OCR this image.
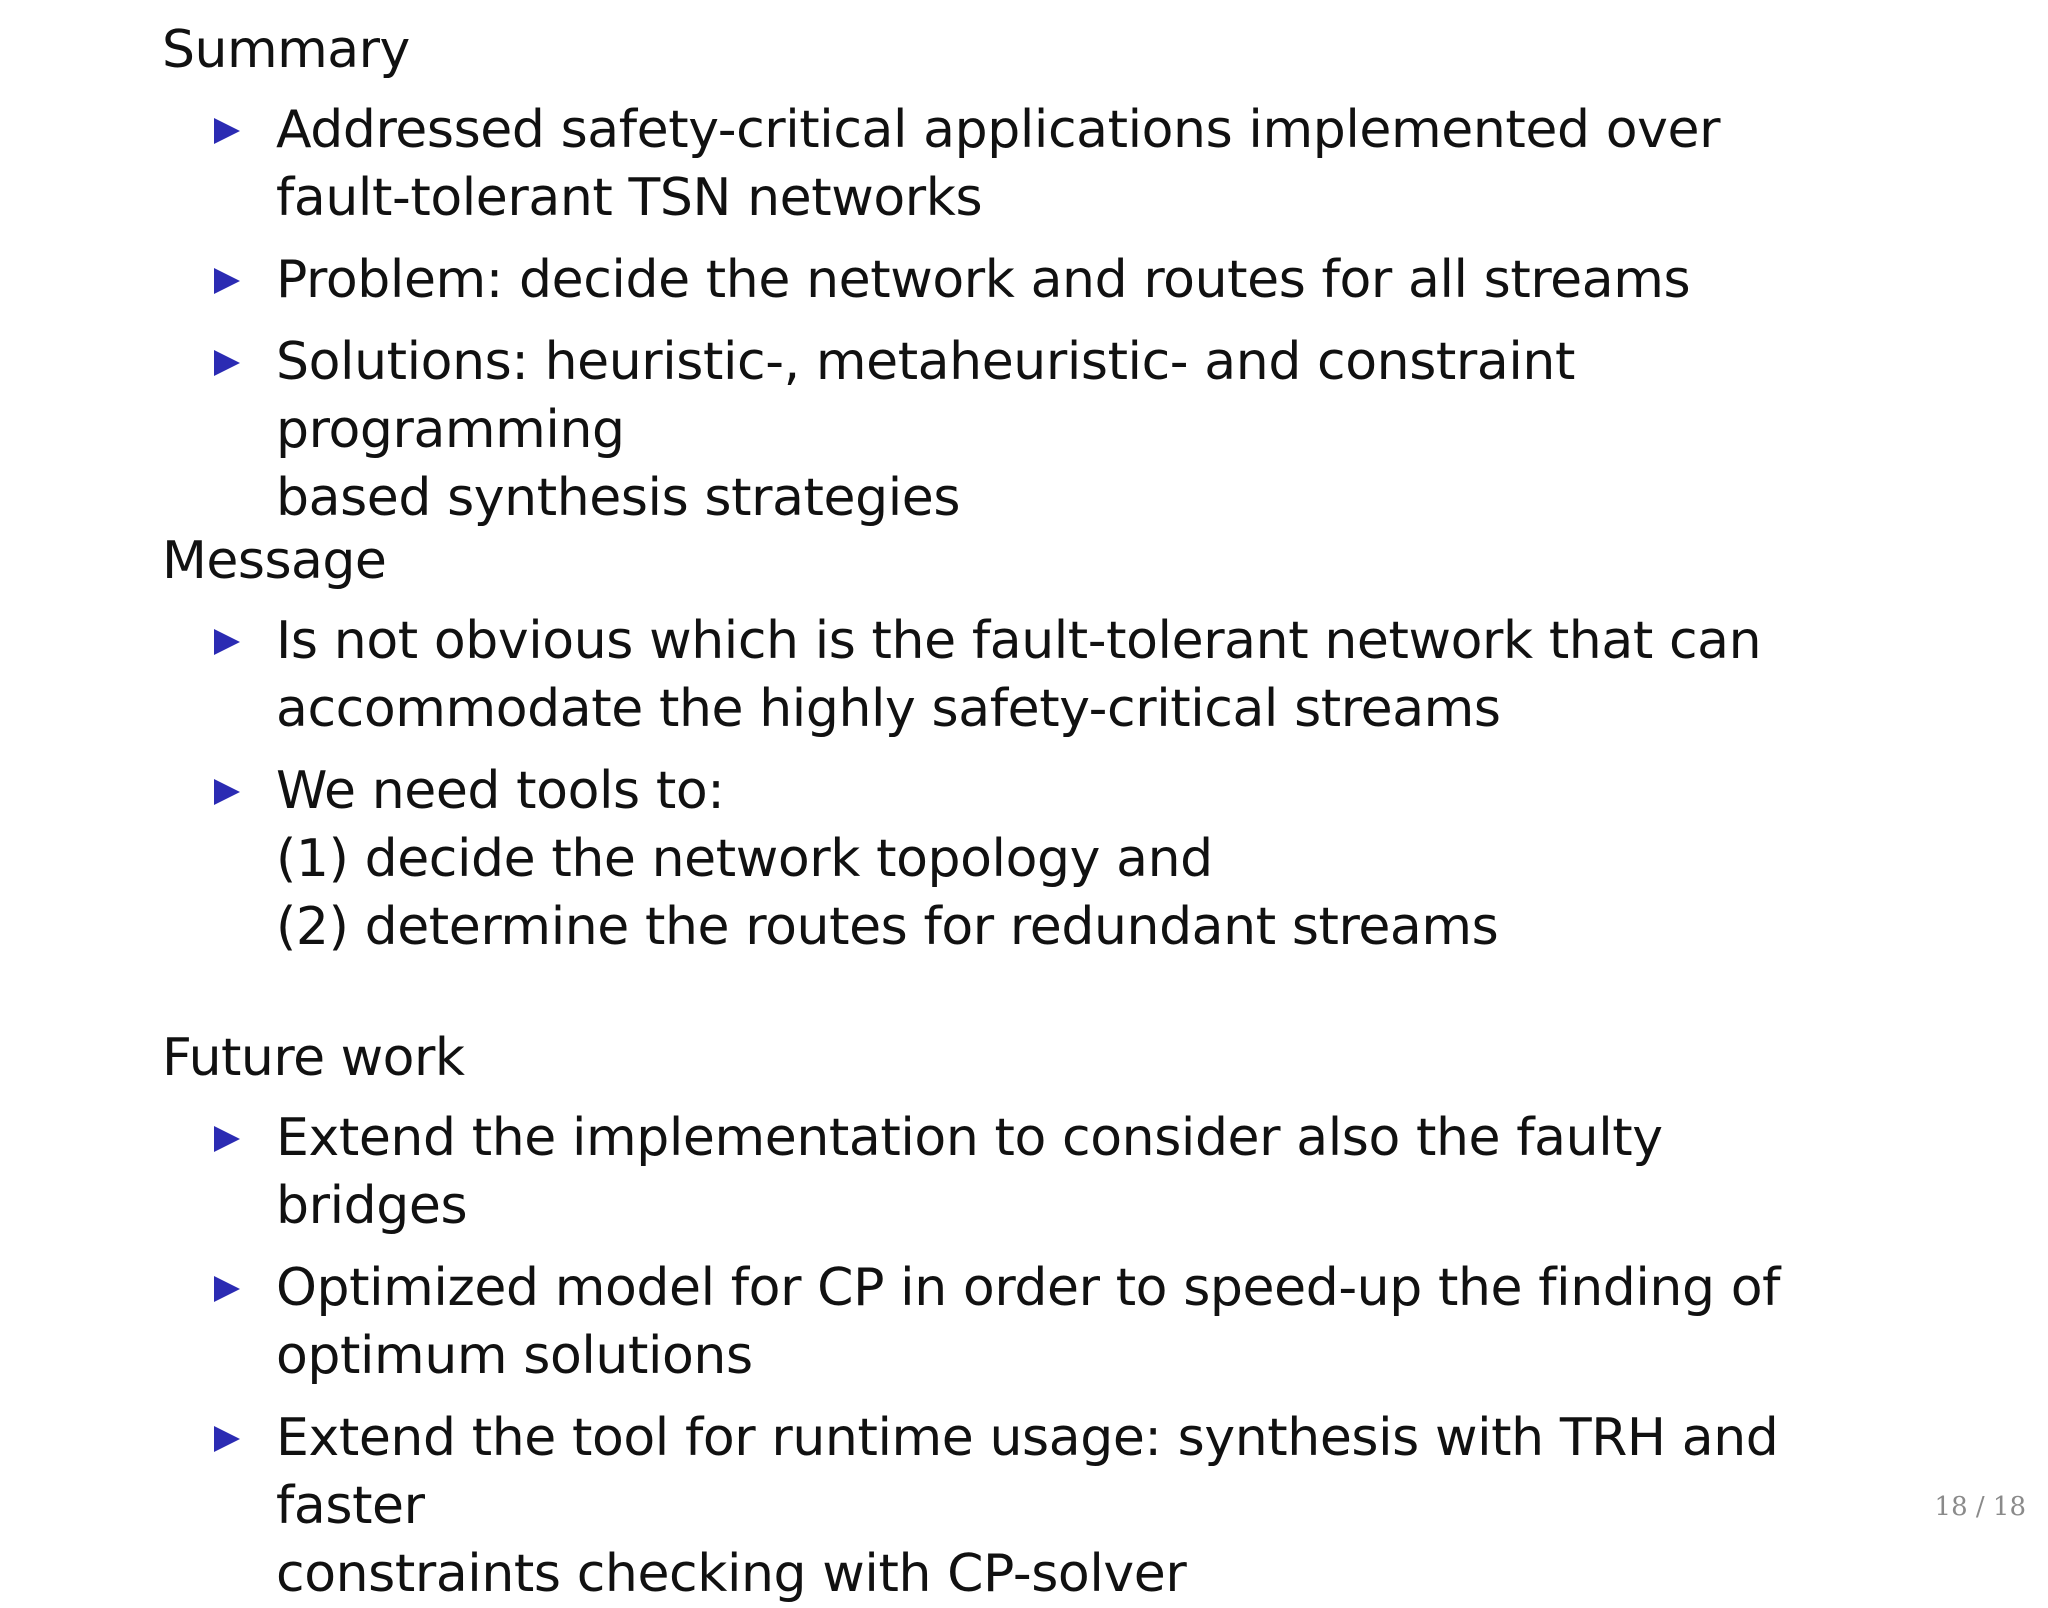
Summary
Addressed safety-critical applications implemented over
fault-tolerant TSN networks
Problem: decide the network and routes for all streams
Solutions: heuristic-, metaheuristic- and constraint programming
based synthesis strategies
Message
Is not obvious which is the fault-tolerant network that can
accommodate the highly safety-critical streams
We need tools to:
(1) decide the network topology and
(2) determine the routes for redundant streams
Future work
Extend the implementation to consider also the faulty bridges
Optimized model for CP in order to speed-up the finding of
optimum solutions
Extend the tool for runtime usage: synthesis with TRH and faster
constraints checking with CP-solver
18 / 18
